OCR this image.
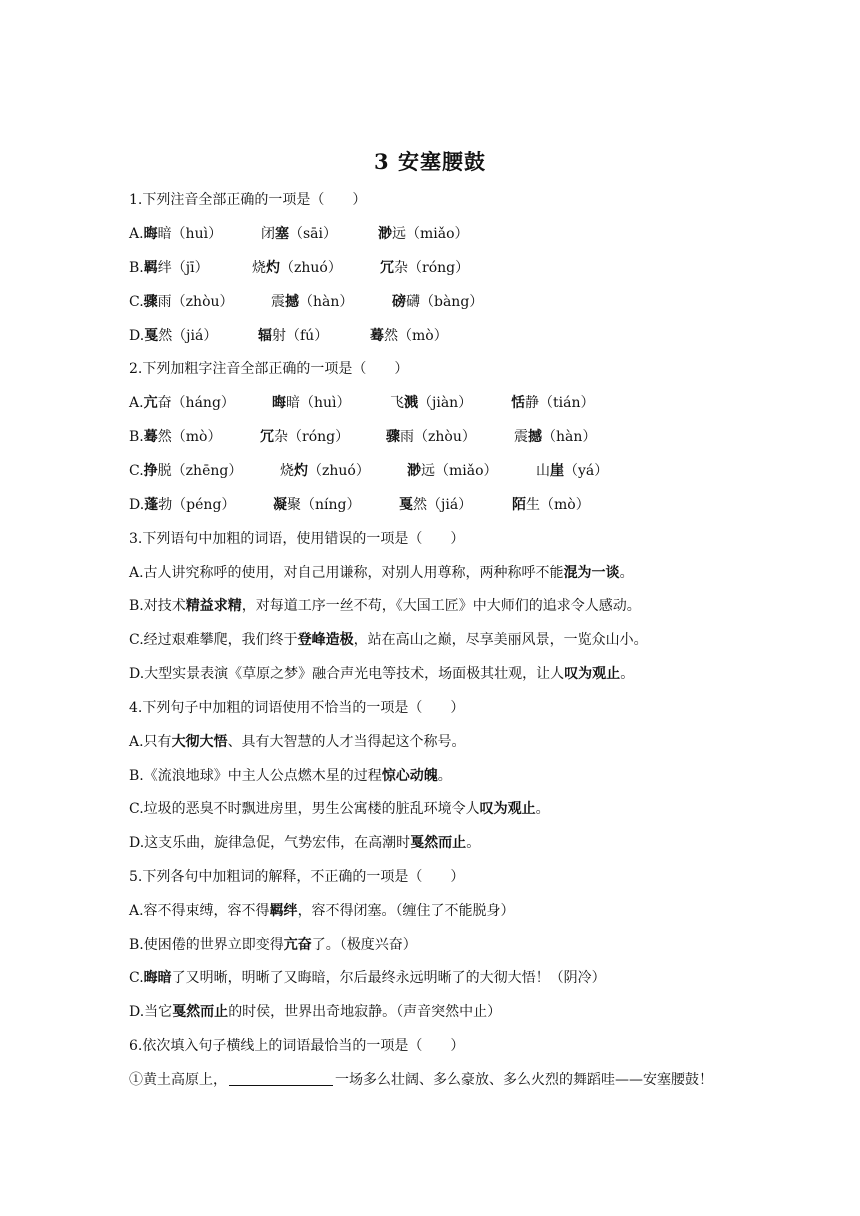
3 安塞腰鼓
1.下列注音全部正确的一项是（　　）
A.晦暗（huì）	闭塞（sāi）	渺远（miǎo）
B.羁绊（jī）	烧灼（zhuó）	冗杂（róng）
C.骤雨（zhòu）	震撼（hàn）	磅礴（bàng）
D.戛然（jiá）	辐射（fú）	蓦然（mò）
2.下列加粗字注音全部正确的一项是（　　）
A.亢奋（háng）	晦暗（huì）	飞溅（jiàn）	恬静（tián）
B.蓦然（mò）	冗杂（róng）	骤雨（zhòu）	震撼（hàn）
C.挣脱（zhēng）	烧灼（zhuó）	渺远（miǎo）	山崖（yá）
D.蓬勃（péng）	凝聚（níng）	戛然（jiá）	陌生（mò）
3.下列语句中加粗的词语，使用错误的一项是（　　）
A.古人讲究称呼的使用，对自己用谦称，对别人用尊称，两种称呼不能混为一谈。
B.对技术精益求精，对每道工序一丝不苟，《大国工匠》中大师们的追求令人感动。
C.经过艰难攀爬，我们终于登峰造极，站在高山之巅，尽享美丽风景，一览众山小。
D.大型实景表演《草原之梦》融合声光电等技术，场面极其壮观，让人叹为观止。
4.下列句子中加粗的词语使用不恰当的一项是（　　）
A.只有大彻大悟、具有大智慧的人才当得起这个称号。
B.《流浪地球》中主人公点燃木星的过程惊心动魄。
C.垃圾的恶臭不时飘进房里，男生公寓楼的脏乱环境令人叹为观止。
D.这支乐曲，旋律急促，气势宏伟，在高潮时戛然而止。
5.下列各句中加粗词的解释，不正确的一项是（　　）
A.容不得束缚，容不得羁绊，容不得闭塞。（缠住了不能脱身）
B.使困倦的世界立即变得亢奋了。（极度兴奋）
C.晦暗了又明晰，明晰了又晦暗，尔后最终永远明晰了的大彻大悟！（阴冷）
D.当它戛然而止的时侯，世界出奇地寂静。（声音突然中止）
6.依次填入句子横线上的词语最恰当的一项是（　　）
①黄土高原上，	一场多么壮阔、多么豪放、多么火烈的舞蹈哇——安塞腰鼓！
